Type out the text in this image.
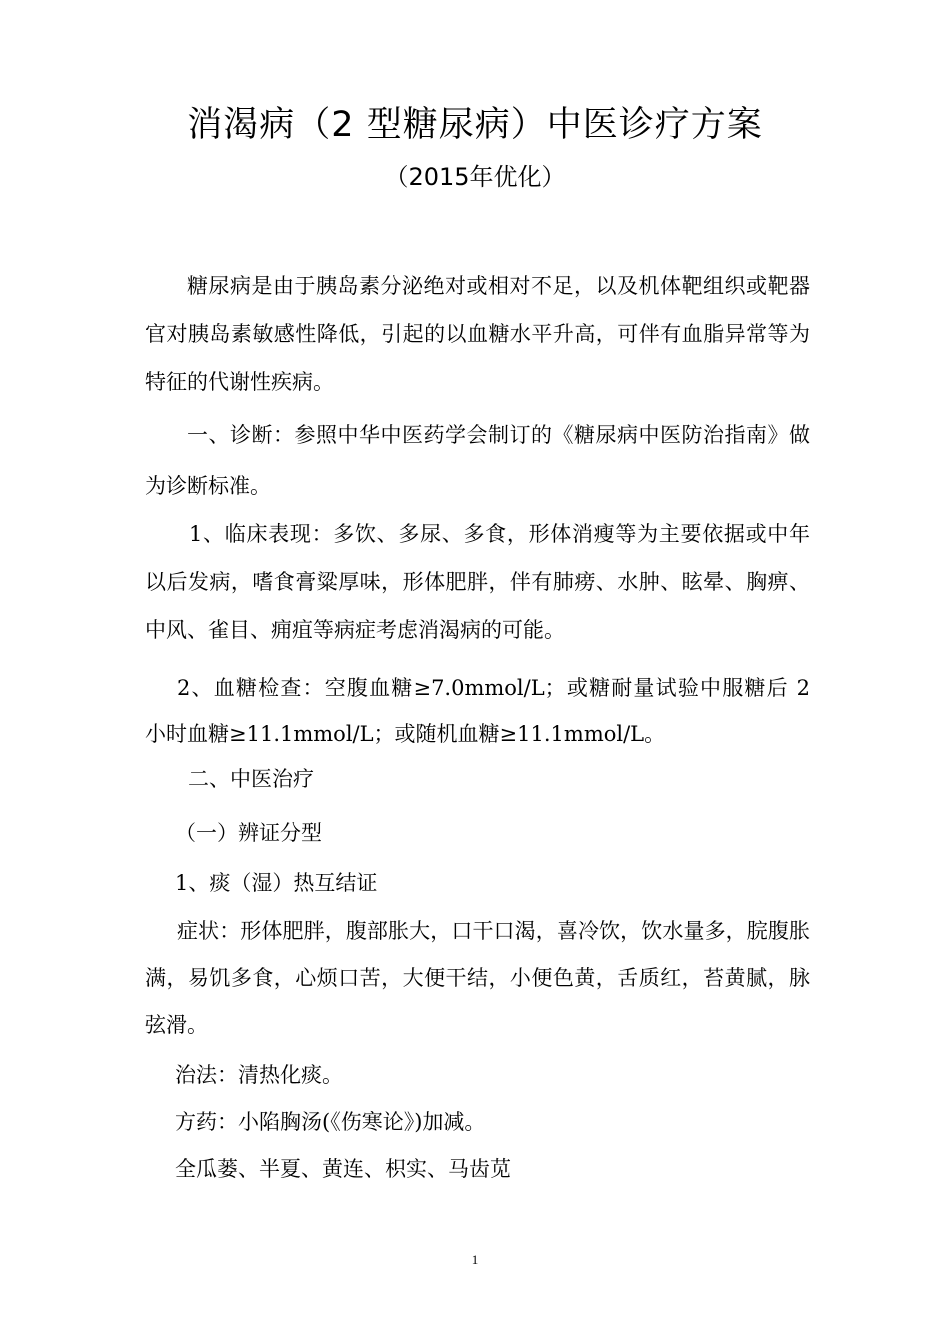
消渴病（2 型糖尿病）中医诊疗方案
（2015年优化）
糖尿病是由于胰岛素分泌绝对或相对不足，以及机体靶组织或靶器官对胰岛素敏感性降低，引起的以血糖水平升高，可伴有血脂异常等为特征的代谢性疾病。
一、诊断：参照中华中医药学会制订的《糖尿病中医防治指南》做为诊断标准。
1、临床表现：多饮、多尿、多食，形体消瘦等为主要依据或中年以后发病，嗜食膏粱厚味，形体肥胖，伴有肺痨、水肿、眩晕、胸痹、中风、雀目、痈疽等病症考虑消渴病的可能。
2、血糖检查：空腹血糖≥7.0mmol/L；或糖耐量试验中服糖后 2 小时血糖≥11.1mmol/L；或随机血糖≥11.1mmol/L。
二、中医治疗
（一）辨证分型
1、痰（湿）热互结证
症状：形体肥胖，腹部胀大，口干口渴，喜冷饮，饮水量多，脘腹胀满，易饥多食，心烦口苦，大便干结，小便色黄，舌质红，苔黄腻，脉弦滑。
治法：清热化痰。
方药：小陷胸汤(《伤寒论》)加减。
全瓜蒌、半夏、黄连、枳实、马齿苋
1
